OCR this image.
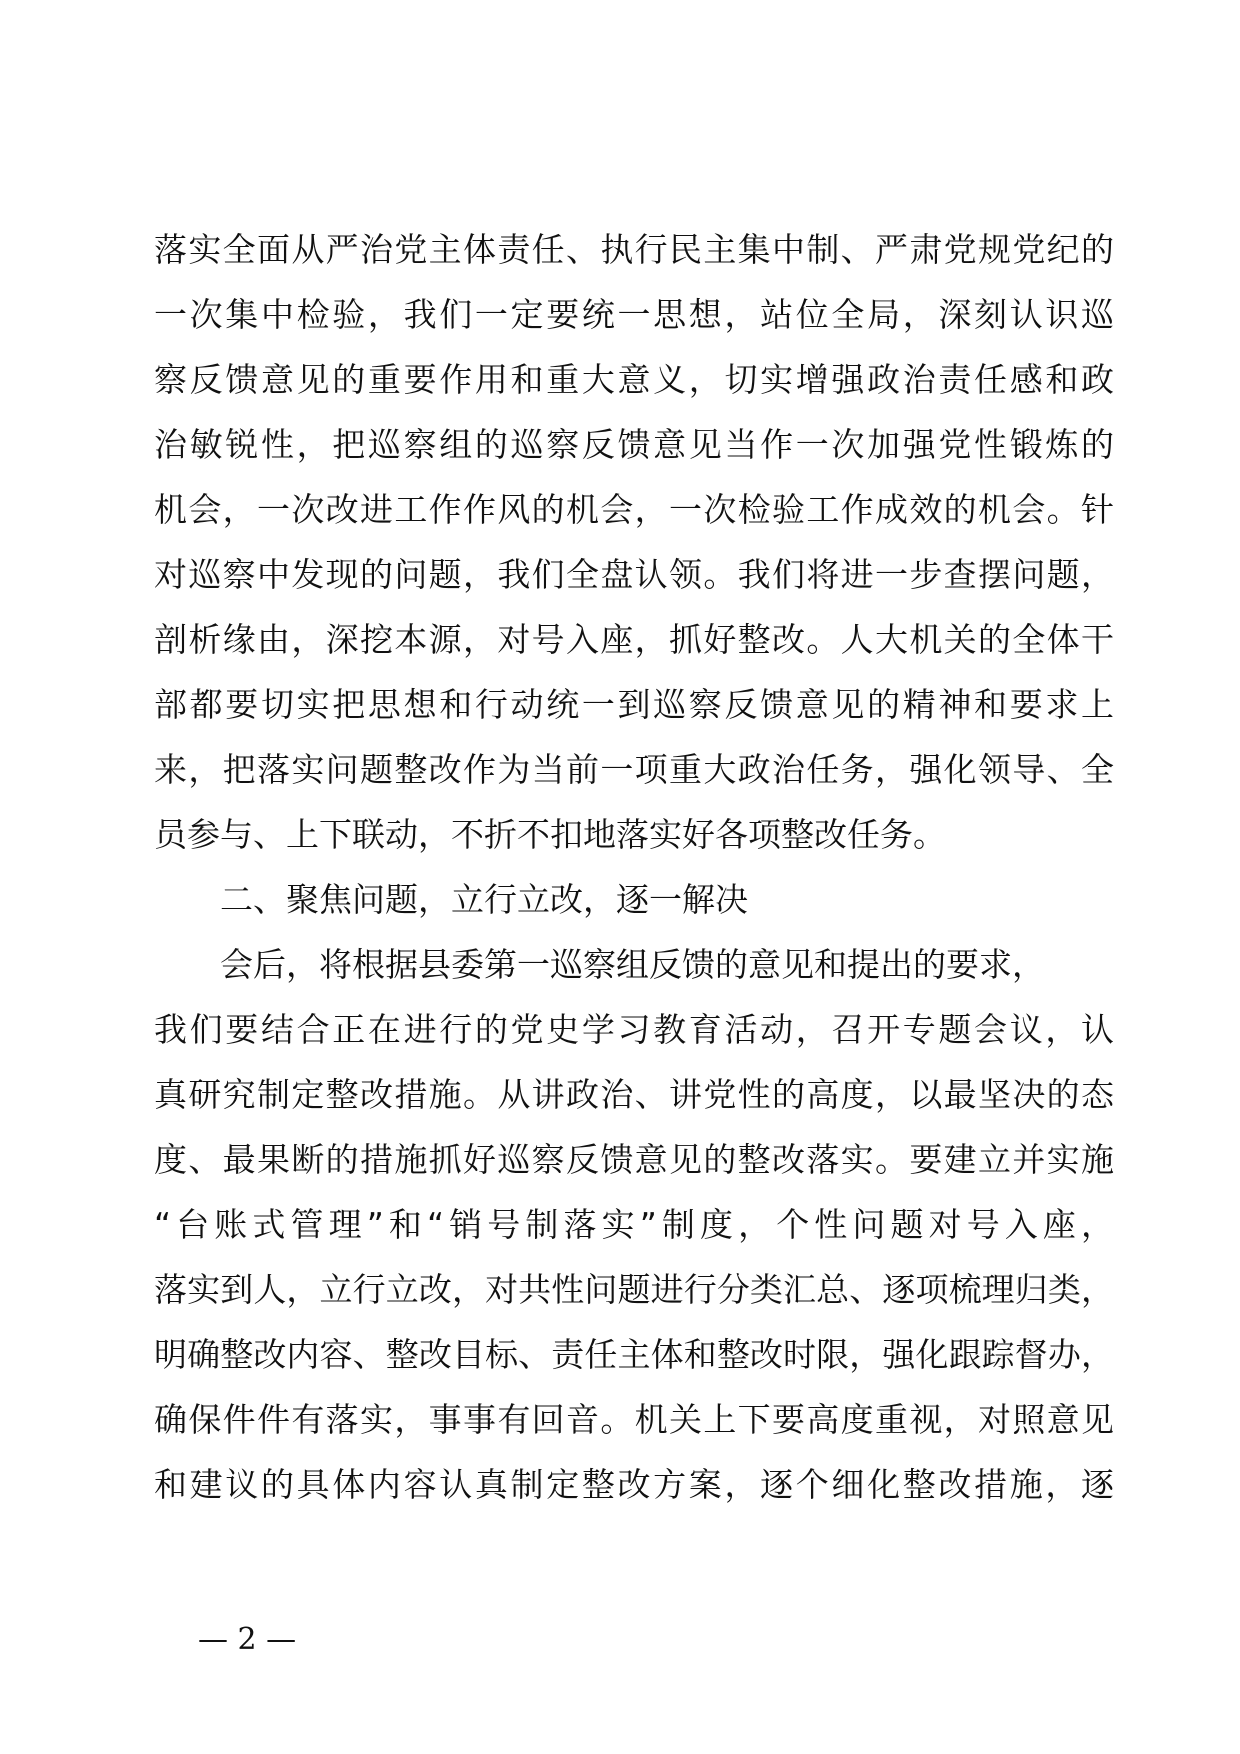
落实全面从严治党主体责任、执行民主集中制、严肃党规党纪的
一次集中检验，我们一定要统一思想，站位全局，深刻认识巡
察反馈意见的重要作用和重大意义，切实增强政治责任感和政
治敏锐性，把巡察组的巡察反馈意见当作一次加强党性锻炼的
机会，一次改进工作作风的机会，一次检验工作成效的机会。针
对巡察中发现的问题，我们全盘认领。我们将进一步查摆问题，
剖析缘由，深挖本源，对号入座，抓好整改。人大机关的全体干
部都要切实把思想和行动统一到巡察反馈意见的精神和要求上
来，把落实问题整改作为当前一项重大政治任务，强化领导、全
员参与、上下联动，不折不扣地落实好各项整改任务。
二、聚焦问题，立行立改，逐一解决
会后，将根据县委第一巡察组反馈的意见和提出的要求，
我们要结合正在进行的党史学习教育活动，召开专题会议，认
真研究制定整改措施。从讲政治、讲党性的高度，以最坚决的态
度、最果断的措施抓好巡察反馈意见的整改落实。要建立并实施
“台账式管理”和“销号制落实”制度，个性问题对号入座，
落实到人，立行立改，对共性问题进行分类汇总、逐项梳理归类，
明确整改内容、整改目标、责任主体和整改时限，强化跟踪督办，
确保件件有落实，事事有回音。机关上下要高度重视，对照意见
和建议的具体内容认真制定整改方案，逐个细化整改措施，逐
— 2 —
